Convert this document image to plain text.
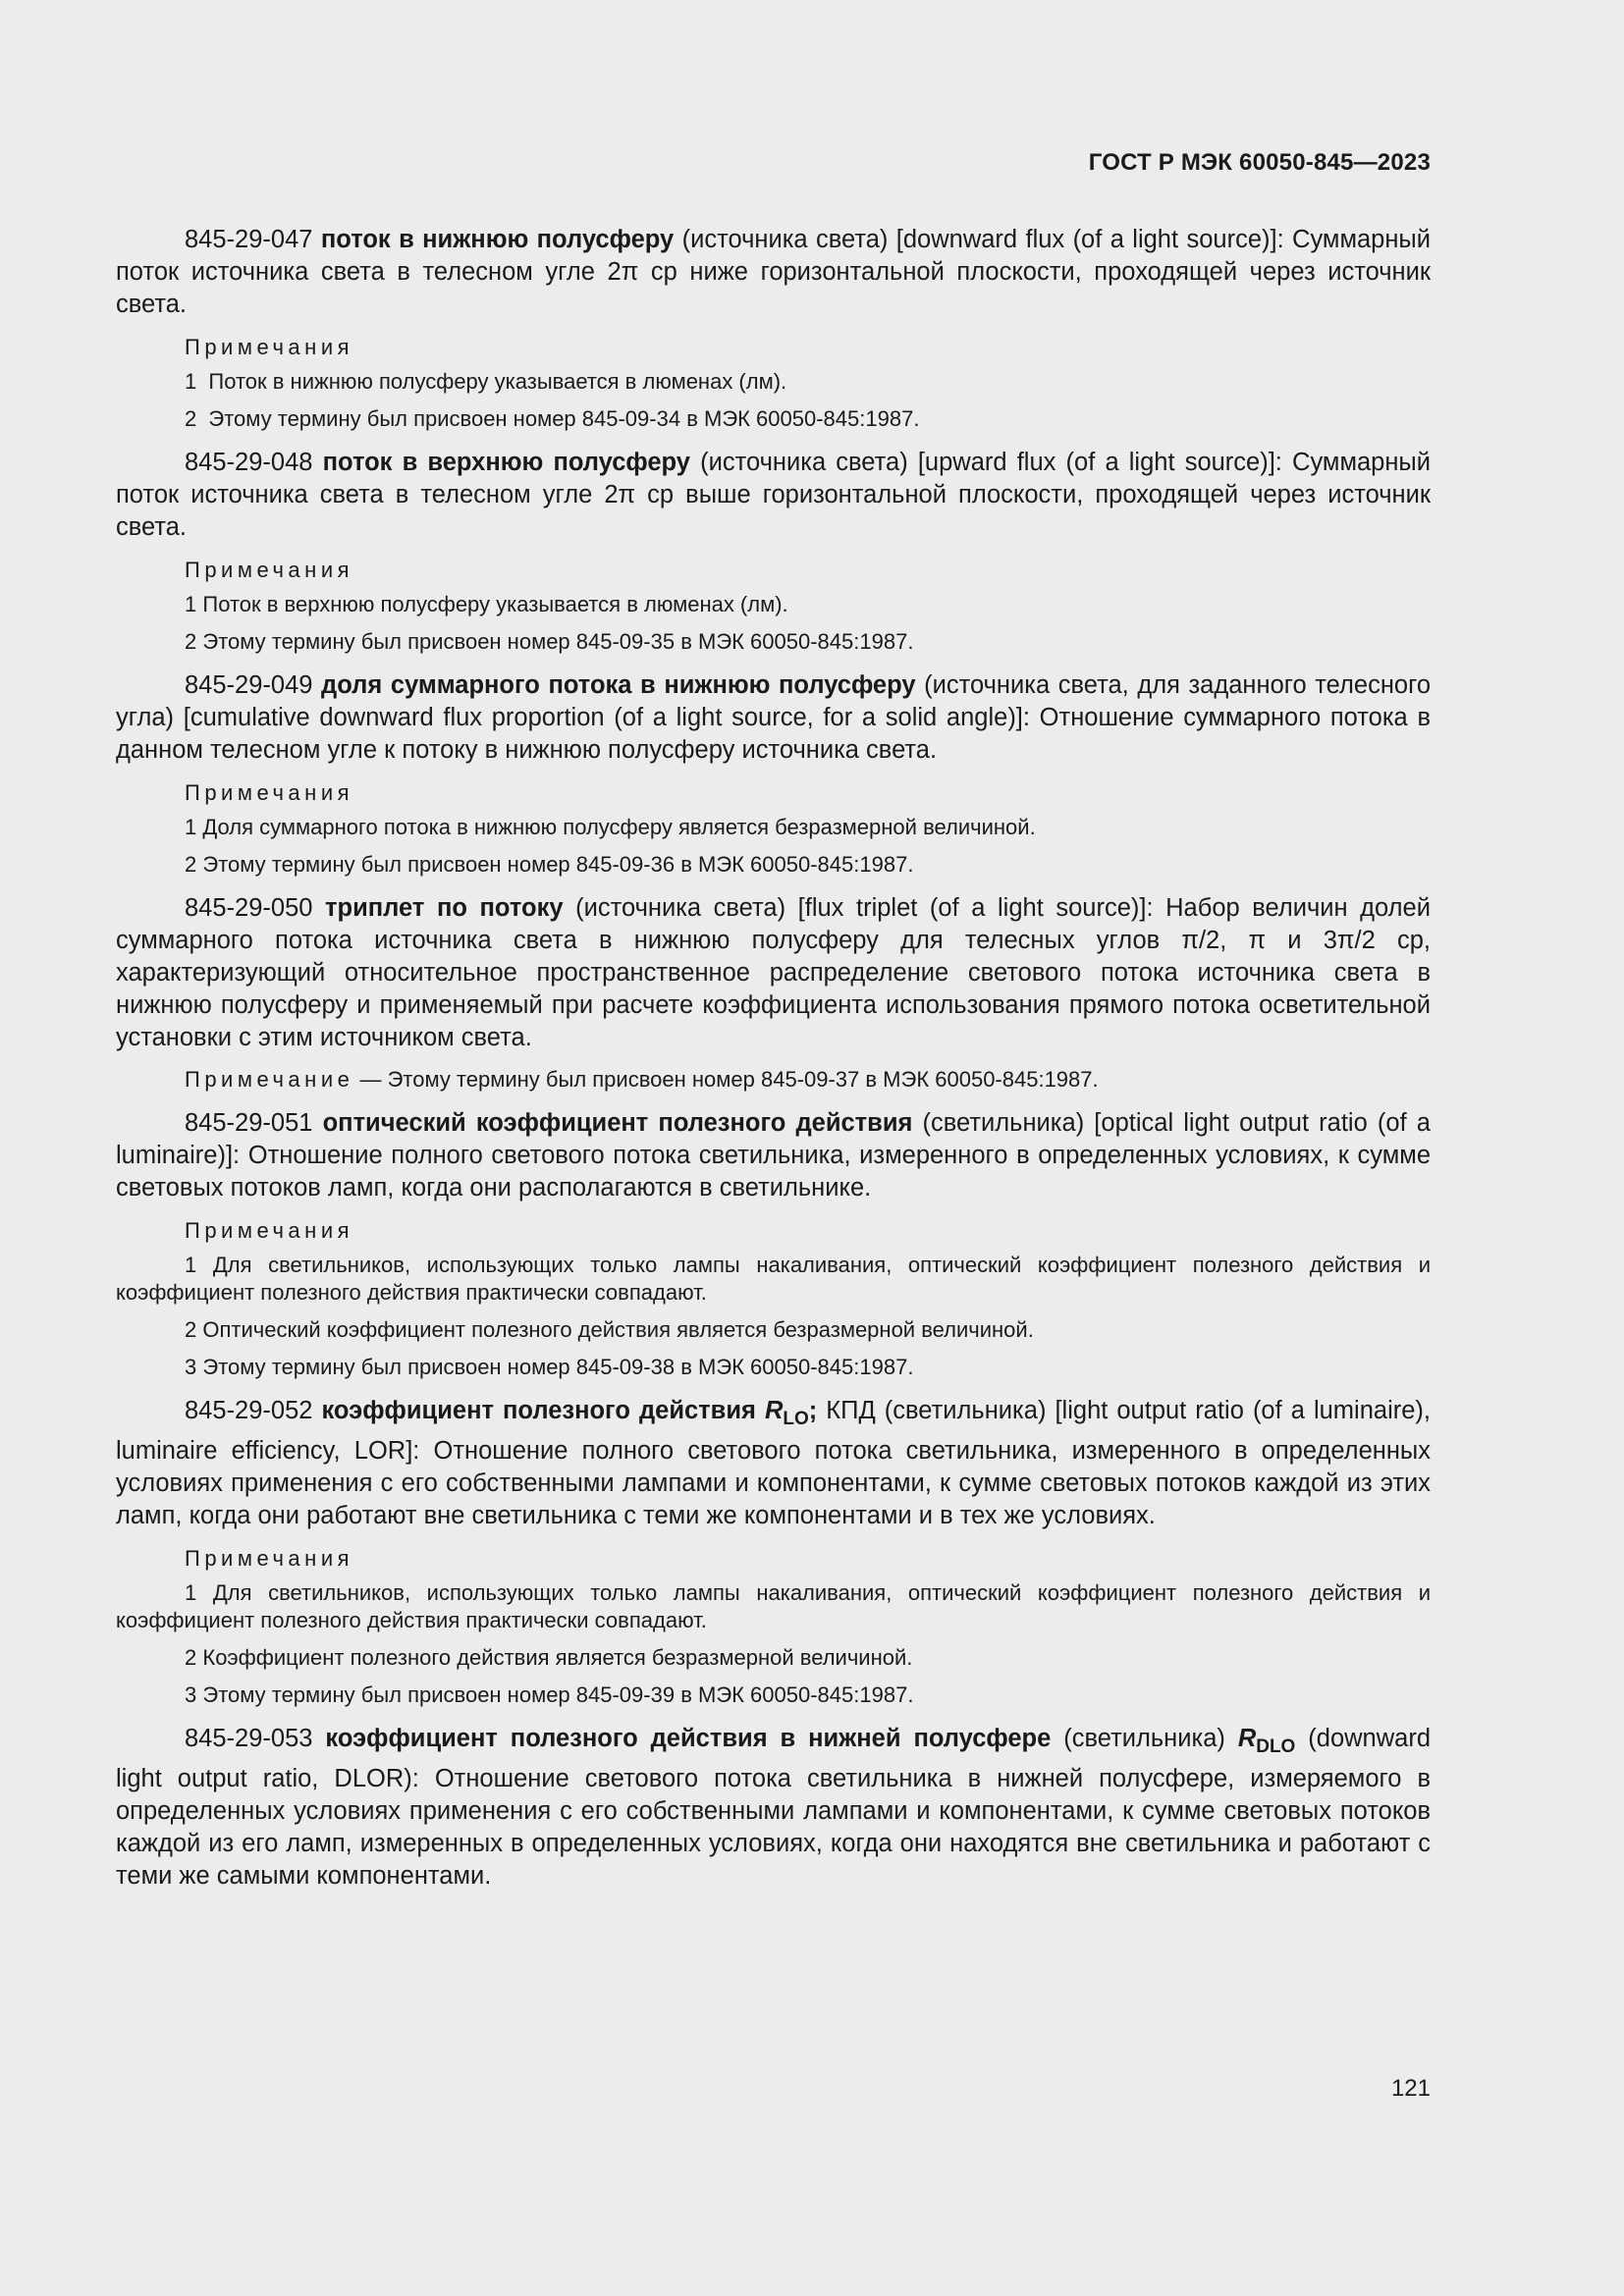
ГОСТ Р МЭК 60050-845—2023

845-29-047 поток в нижнюю полусферу (источника света) [downward flux (of a light source)]: Суммарный поток источника света в телесном угле 2π ср ниже горизонтальной плоскости, проходящей через источник света.

Примечания
1 Поток в нижнюю полусферу указывается в люменах (лм).
2 Этому термину был присвоен номер 845-09-34 в МЭК 60050-845:1987.

845-29-048 поток в верхнюю полусферу (источника света) [upward flux (of a light source)]: Суммарный поток источника света в телесном угле 2π ср выше горизонтальной плоскости, проходящей через источник света.

Примечания
1 Поток в верхнюю полусферу указывается в люменах (лм).
2 Этому термину был присвоен номер 845-09-35 в МЭК 60050-845:1987.

845-29-049 доля суммарного потока в нижнюю полусферу (источника света, для заданного телесного угла) [cumulative downward flux proportion (of a light source, for a solid angle)]: Отношение суммарного потока в данном телесном угле к потоку в нижнюю полусферу источника света.

Примечания
1 Доля суммарного потока в нижнюю полусферу является безразмерной величиной.
2 Этому термину был присвоен номер 845-09-36 в МЭК 60050-845:1987.

845-29-050 триплет по потоку (источника света) [flux triplet (of a light source)]: Набор величин долей суммарного потока источника света в нижнюю полусферу для телесных углов π/2, π и 3π/2 ср, характеризующий относительное пространственное распределение светового потока источника света в нижнюю полусферу и применяемый при расчете коэффициента использования прямого потока осветительной установки с этим источником света.

Примечание — Этому термину был присвоен номер 845-09-37 в МЭК 60050-845:1987.

845-29-051 оптический коэффициент полезного действия (светильника) [optical light output ratio (of a luminaire)]: Отношение полного светового потока светильника, измеренного в определенных условиях, к сумме световых потоков ламп, когда они располагаются в светильнике.

Примечания
1 Для светильников, использующих только лампы накаливания, оптический коэффициент полезного действия и коэффициент полезного действия практически совпадают.
2 Оптический коэффициент полезного действия является безразмерной величиной.
3 Этому термину был присвоен номер 845-09-38 в МЭК 60050-845:1987.

845-29-052 коэффициент полезного действия $R_{LO}$; КПД (светильника) [light output ratio (of a luminaire), luminaire efficiency, LOR]: Отношение полного светового потока светильника, измеренного в определенных условиях применения с его собственными лампами и компонентами, к сумме световых потоков каждой из этих ламп, когда они работают вне светильника с теми же компонентами и в тех же условиях.

Примечания
1 Для светильников, использующих только лампы накаливания, оптический коэффициент полезного действия и коэффициент полезного действия практически совпадают.
2 Коэффициент полезного действия является безразмерной величиной.
3 Этому термину был присвоен номер 845-09-39 в МЭК 60050-845:1987.

845-29-053 коэффициент полезного действия в нижней полусфере (светильника) $R_{DLO}$ (downward light output ratio, DLOR): Отношение светового потока светильника в нижней полусфере, измеряемого в определенных условиях применения с его собственными лампами и компонентами, к сумме световых потоков каждой из его ламп, измеренных в определенных условиях, когда они находятся вне светильника и работают с теми же самыми компонентами.

121
